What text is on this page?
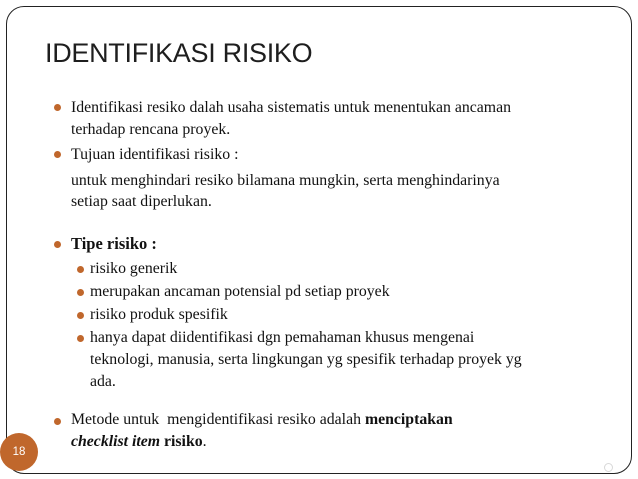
IDENTIFIKASI RISIKO
Identifikasi resiko dalah usaha sistematis untuk menentukan ancaman
terhadap rencana proyek.
Tujuan identifikasi risiko :
untuk menghindari resiko bilamana mungkin, serta menghindarinya
setiap saat diperlukan.
Tipe risiko :
risiko generik
merupakan ancaman potensial pd setiap proyek
risiko produk spesifik
hanya dapat diidentifikasi dgn pemahaman khusus mengenai
teknologi, manusia, serta lingkungan yg spesifik terhadap proyek yg
ada.
Metode untuk  mengidentifikasi resiko adalah menciptakan
checklist item risiko.
18
